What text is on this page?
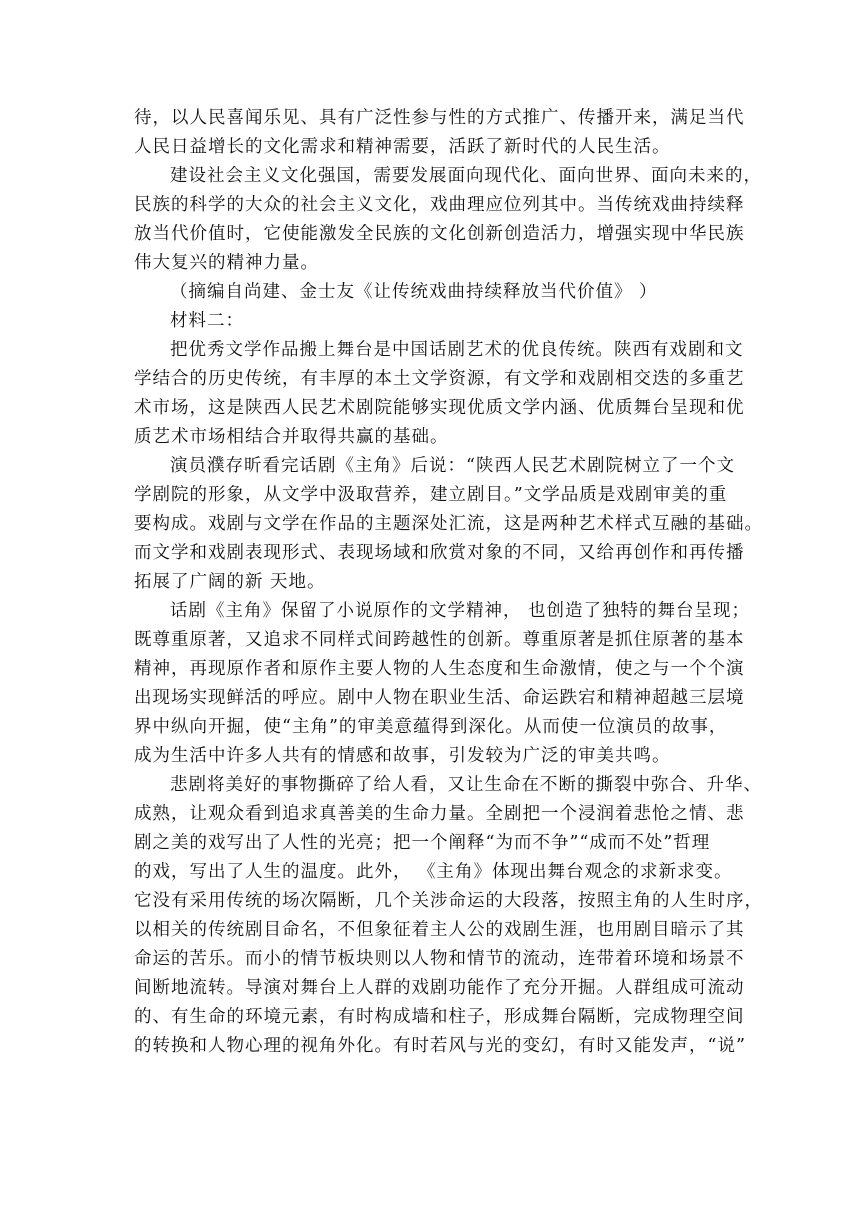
待，以人民喜闻乐见、具有广泛性参与性的方式推广、传播开来，满足当代
人民日益增长的文化需求和精神需要，活跃了新时代的人民生活。
建设社会主义文化强国，需要发展面向现代化、面向世界、面向未来的，
民族的科学的大众的社会主义文化，戏曲理应位列其中。当传统戏曲持续释
放当代价值时，它使能激发全民族的文化创新创造活力，增强实现中华民族
伟大复兴的精神力量。
（摘编自尚建、金士友《让传统戏曲持续释放当代价值》 ）
材料二：
把优秀文学作品搬上舞台是中国话剧艺术的优良传统。陕西有戏剧和文
学结合的历史传统，有丰厚的本土文学资源，有文学和戏剧相交迭的多重艺
术市场，这是陕西人民艺术剧院能够实现优质文学内涵、优质舞台呈现和优
质艺术市场相结合并取得共赢的基础。
演员濮存昕看完话剧《主角》后说：“陕西人民艺术剧院树立了一个文
学剧院的形象，从文学中汲取营养，建立剧目。”文学品质是戏剧审美的重
要构成。戏剧与文学在作品的主题深处汇流，这是两种艺术样式互融的基础。
而文学和戏剧表现形式、表现场域和欣赏对象的不同，又给再创作和再传播
拓展了广阔的新 天地。
话剧《主角》保留了小说原作的文学精神， 也创造了独特的舞台呈现；
既尊重原著，又追求不同样式间跨越性的创新。尊重原著是抓住原著的基本
精神，再现原作者和原作主要人物的人生态度和生命激情，使之与一个个演
出现场实现鲜活的呼应。剧中人物在职业生活、命运跌宕和精神超越三层境
界中纵向开掘，使“主角”的审美意蕴得到深化。从而使一位演员的故事，
成为生活中许多人共有的情感和故事，引发较为广泛的审美共鸣。
悲剧将美好的事物撕碎了给人看，又让生命在不断的撕裂中弥合、升华、
成熟，让观众看到追求真善美的生命力量。全剧把一个浸润着悲怆之情、悲
剧之美的戏写出了人性的光亮；把一个阐释“为而不争”“成而不处”哲理
的戏，写出了人生的温度。此外， 《主角》体现出舞台观念的求新求变。
它没有采用传统的场次隔断，几个关涉命运的大段落，按照主角的人生时序，
以相关的传统剧目命名，不但象征着主人公的戏剧生涯，也用剧目暗示了其
命运的苦乐。而小的情节板块则以人物和情节的流动，连带着环境和场景不
间断地流转。导演对舞台上人群的戏剧功能作了充分开掘。人群组成可流动
的、有生命的环境元素，有时构成墙和柱子，形成舞台隔断，完成物理空间
的转换和人物心理的视角外化。有时若风与光的变幻，有时又能发声，“说”
